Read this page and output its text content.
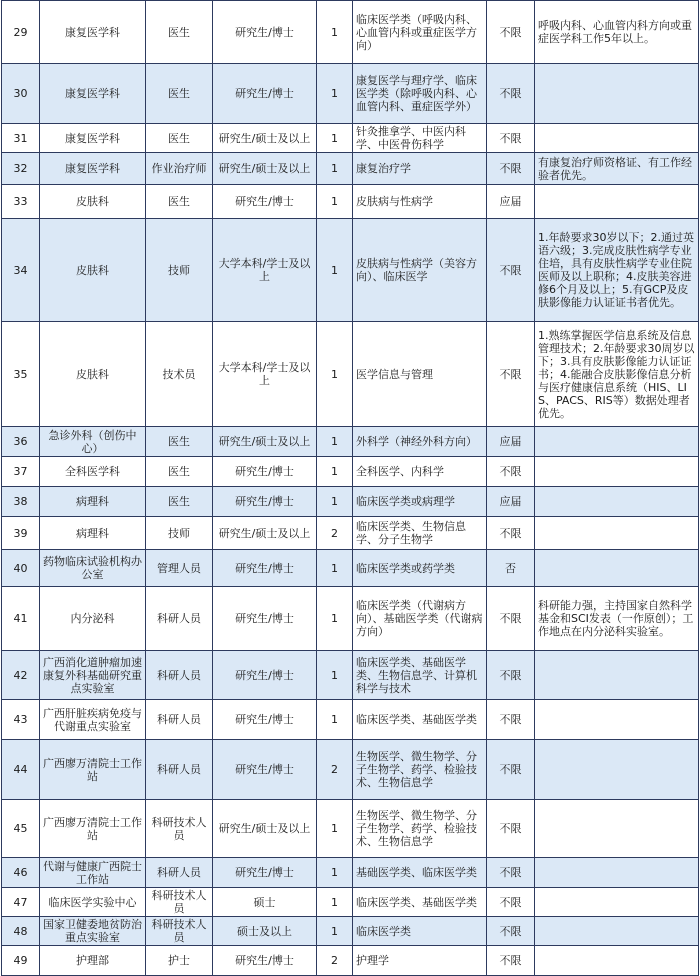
29	康复医学科	医生	研究生/博士	1	临床医学类（呼吸内科、心血管内科或重症医学方向）	不限	呼吸内科、心血管内科方向或重症医学科工作5年以上。
30	康复医学科	医生	研究生/博士	1	康复医学与理疗学、临床医学类（除呼吸内科、心血管内科、重症医学外）	不限	
31	康复医学科	医生	研究生/硕士及以上	1	针灸推拿学、中医内科学、中医骨伤科学	不限	
32	康复医学科	作业治疗师	研究生/硕士及以上	1	康复治疗学	不限	有康复治疗师资格证、有工作经验者优先。
33	皮肤科	医生	研究生/博士	1	皮肤病与性病学	应届	
34	皮肤科	技师	大学本科/学士及以上	1	皮肤病与性病学（美容方向）、临床医学	不限	1.年龄要求30岁以下；2.通过英语六级；3.完成皮肤性病学专业住培，具有皮肤性病学专业住院医师及以上职称；4.皮肤美容进修6个月及以上；5.有GCP及皮肤影像能力认证证书者优先。
35	皮肤科	技术员	大学本科/学士及以上	1	医学信息与管理	不限	1.熟练掌握医学信息系统及信息管理技术；2.年龄要求30周岁以下；3.具有皮肤影像能力认证证书；4.能融合皮肤影像信息分析与医疗健康信息系统（HIS、LIS、PACS、RIS等）数据处理者优先。
36	急诊外科（创伤中心）	医生	研究生/硕士及以上	1	外科学（神经外科方向）	应届	
37	全科医学科	医生	研究生/博士	1	全科医学、内科学	不限	
38	病理科	医生	研究生/博士	1	临床医学类或病理学	应届	
39	病理科	技师	研究生/硕士及以上	2	临床医学类、生物信息学、分子生物学	不限	
40	药物临床试验机构办公室	管理人员	研究生/博士	1	临床医学类或药学类	否	
41	内分泌科	科研人员	研究生/博士	1	临床医学类（代谢病方向）、基础医学类（代谢病方向）	不限	科研能力强，主持国家自然科学基金和SCI发表（一作原创）；工作地点在内分泌科实验室。
42	广西消化道肿瘤加速康复外科基础研究重点实验室	科研人员	研究生/博士	1	临床医学类、基础医学类、生物信息学、计算机科学与技术	不限	
43	广西肝脏疾病免疫与代谢重点实验室	科研人员	研究生/博士	1	临床医学类、基础医学类	不限	
44	广西廖万清院士工作站	科研人员	研究生/博士	2	生物医学、微生物学、分子生物学、药学、检验技术、生物信息学	不限	
45	广西廖万清院士工作站	科研技术人员	研究生/硕士及以上	1	生物医学、微生物学、分子生物学、药学、检验技术、生物信息学	不限	
46	代谢与健康广西院士工作站	科研人员	研究生/博士	1	基础医学类、临床医学类	不限	
47	临床医学实验中心	科研技术人员	硕士	1	临床医学类、基础医学类	不限	
48	国家卫健委地贫防治重点实验室	科研技术人员	硕士及以上	1	临床医学类	不限	
49	护理部	护士	研究生/博士	2	护理学	不限	
